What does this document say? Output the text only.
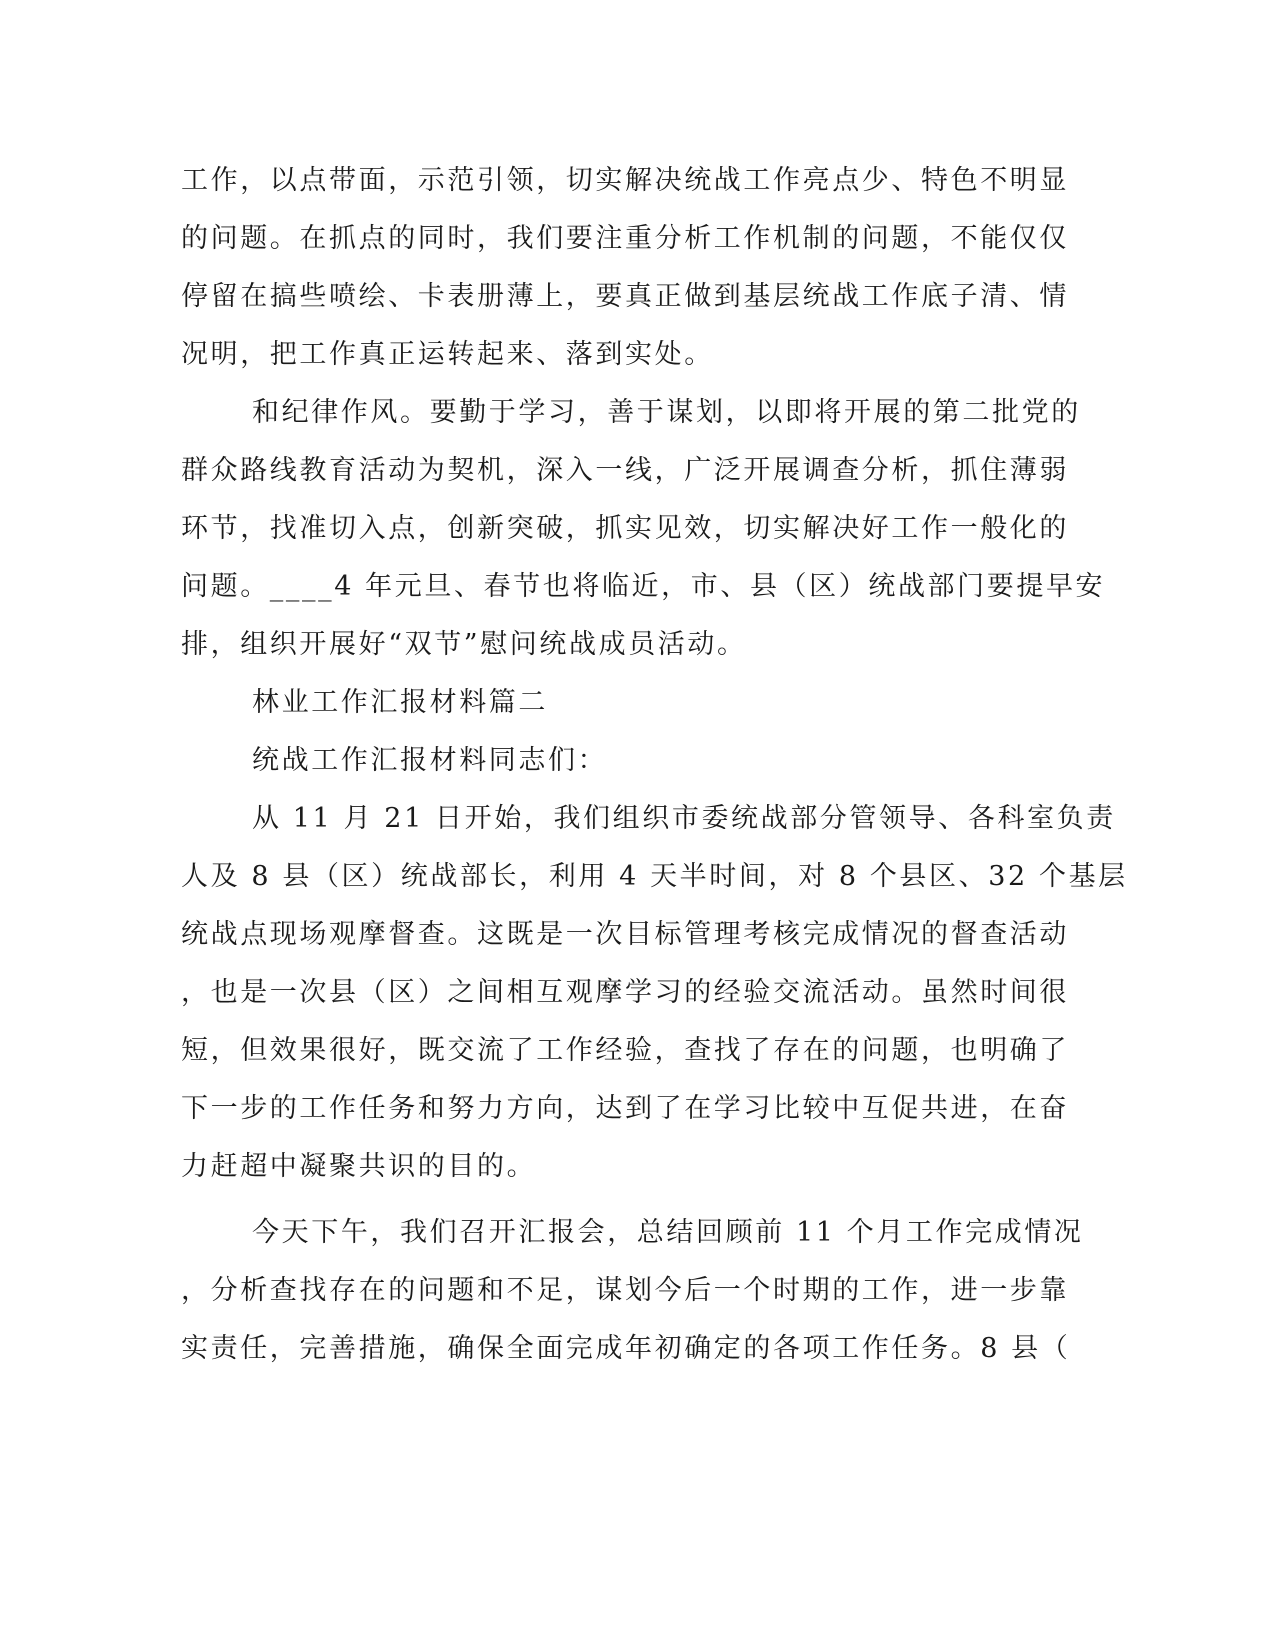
工作，以点带面，示范引领，切实解决统战工作亮点少、特色不明显
的问题。在抓点的同时，我们要注重分析工作机制的问题，不能仅仅
停留在搞些喷绘、卡表册薄上，要真正做到基层统战工作底子清、情
况明，把工作真正运转起来、落到实处。
和纪律作风。要勤于学习，善于谋划，以即将开展的第二批党的
群众路线教育活动为契机，深入一线，广泛开展调查分析，抓住薄弱
环节，找准切入点，创新突破，抓实见效，切实解决好工作一般化的
问题。____4 年元旦、春节也将临近，市、县（区）统战部门要提早安
排，组织开展好“双节”慰问统战成员活动。
林业工作汇报材料篇二
统战工作汇报材料同志们：
从 11 月 21 日开始，我们组织市委统战部分管领导、各科室负责
人及 8 县（区）统战部长，利用 4 天半时间，对 8 个县区、32 个基层
统战点现场观摩督查。这既是一次目标管理考核完成情况的督查活动
，也是一次县（区）之间相互观摩学习的经验交流活动。虽然时间很
短，但效果很好，既交流了工作经验，查找了存在的问题，也明确了
下一步的工作任务和努力方向，达到了在学习比较中互促共进，在奋
力赶超中凝聚共识的目的。
今天下午，我们召开汇报会，总结回顾前 11 个月工作完成情况
，分析查找存在的问题和不足，谋划今后一个时期的工作，进一步靠
实责任，完善措施，确保全面完成年初确定的各项工作任务。8 县（
